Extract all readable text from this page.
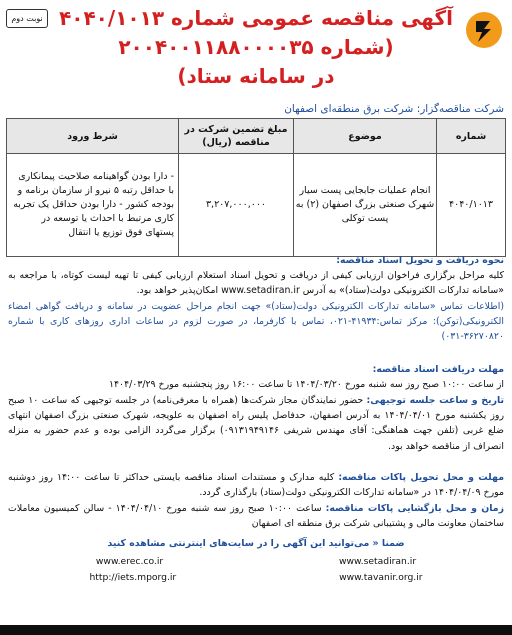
نوبت دوم آگهی مناقصه عمومی شماره ۴۰۴۰/۱۰۱۳
(شماره ۲۰۰۴۰۰۱۱۸۸۰۰۰۰۳۵
در سامانه ستاد)
شرکت مناقصه‌گزار: شرکت برق منطقه‌ای اصفهان
شماره	موضوع	مبلغ تضمین شرکت در مناقصه (ریال)	شرط ورود
۴۰۴۰/۱۰۱۳	انجام عملیات جابجایی پست سیار شهرک صنعتی بزرگ اصفهان (۲) به پست توکلی	۳,۲۰۷,۰۰۰,۰۰۰	- دارا بودن گواهینامه صلاحیت پیمانکاری با حداقل رتبه ۵ نیرو از سازمان برنامه و بودجه کشور - دارا بودن حداقل یک تجربه کاری مرتبط با احداث یا توسعه در پستهای فوق توزیع یا انتقال
نحوه دریافت و تحویل اسناد مناقصه:
کلیه مراحل برگزاری فراخوان ارزیابی کیفی از دریافت و تحویل اسناد استعلام ارزیابی کیفی تا تهیه لیست کوتاه، با مراجعه به «سامانه تدارکات الکترونیکی دولت(ستاد)» به آدرس www.setadiran.ir امکان‌پذیر خواهد بود.
(اطلاعات تماس «سامانه تدارکات الکترونیکی دولت(ستاد)» جهت انجام مراحل عضویت در سامانه و دریافت گواهی امضاء الکترونیکی(توکن): مرکز تماس:۴۱۹۳۴-۰۲۱، تماس با کارفرما، در صورت لزوم در ساعات اداری روزهای کاری با شماره ۳۶۲۷۰۸۲۰-۰۳۱)
مهلت دریافت اسناد مناقصه:
از ساعت ۱۰:۰۰ صبح روز سه شنبه مورخ ۱۴۰۴/۰۳/۲۰ تا ساعت ۱۶:۰۰ روز پنجشنبه مورخ ۱۴۰۴/۰۳/۲۹
تاریخ و ساعت جلسه توجیهی: حضور نمایندگان مجاز شرکت‌ها (همراه با معرفی‌نامه) در جلسه توجیهی که ساعت ۱۰ صبح روز یکشنبه مورخ ۱۴۰۴/۰۴/۰۱ به آدرس اصفهان، حدفاصل پلیس راه اصفهان به علویجه، شهرک صنعتی بزرگ اصفهان انتهای ضلع غربی (تلفن جهت هماهنگی: آقای مهندس شریفی ۰۹۱۳۱۹۴۹۱۴۶) برگزار می‌گردد الزامی بوده و عدم حضور به منزله انصراف از مناقصه خواهد بود.
مهلت و محل تحویل پاکات مناقصه: کلیه مدارک و مستندات اسناد مناقصه بایستی حداکثر تا ساعت ۱۴:۰۰ روز دوشنبه مورخ ۱۴۰۴/۰۴/۰۹ در «سامانه تدارکات الکترونیکی دولت(ستاد) بارگذاری گردد.
زمان و محل بازگشایی پاکات مناقصه: ساعت ۱۰:۰۰ صبح روز سه شنبه مورخ ۱۴۰۴/۰۴/۱۰ - سالن کمیسیون معاملات ساختمان معاونت مالی و پشتیبانی شرکت برق منطقه ای اصفهان
ضمنا « می‌توانید این آگهی را در سایت‌های اینترنتی مشاهده کنید
www.setadiran.ir
www.erec.co.ir
www.tavanir.org.ir
http://iets.mporg.ir
